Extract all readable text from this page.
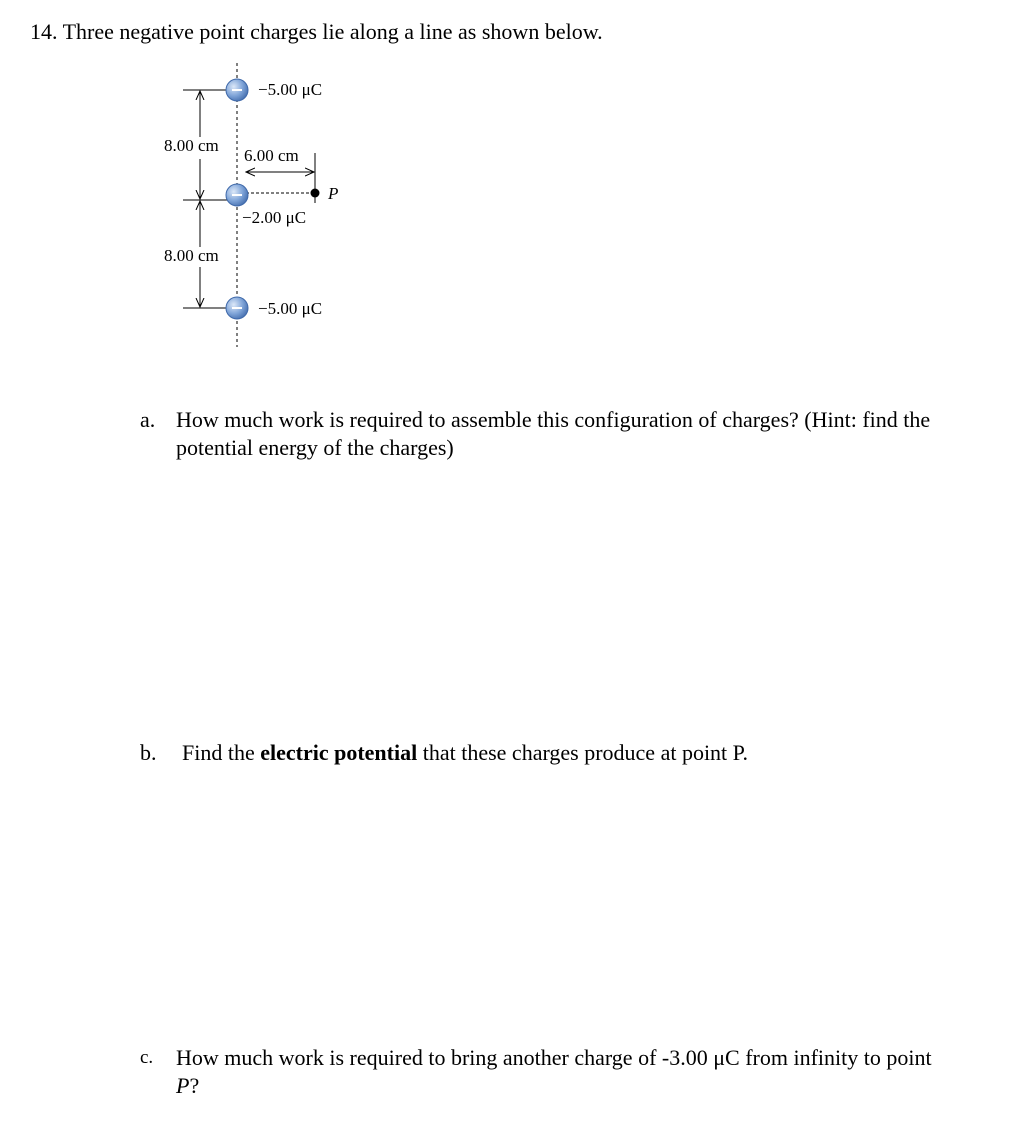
14. Three negative point charges lie along a line as shown below.
−5.00 μC
8.00 cm
6.00 cm
P
−2.00 μC
8.00 cm
−5.00 μC
a. How much work is required to assemble this configuration of charges? (Hint: find the potential energy of the charges)
b. Find the electric potential that these charges produce at point P.
c. How much work is required to bring another charge of -3.00 μC from infinity to point P?
